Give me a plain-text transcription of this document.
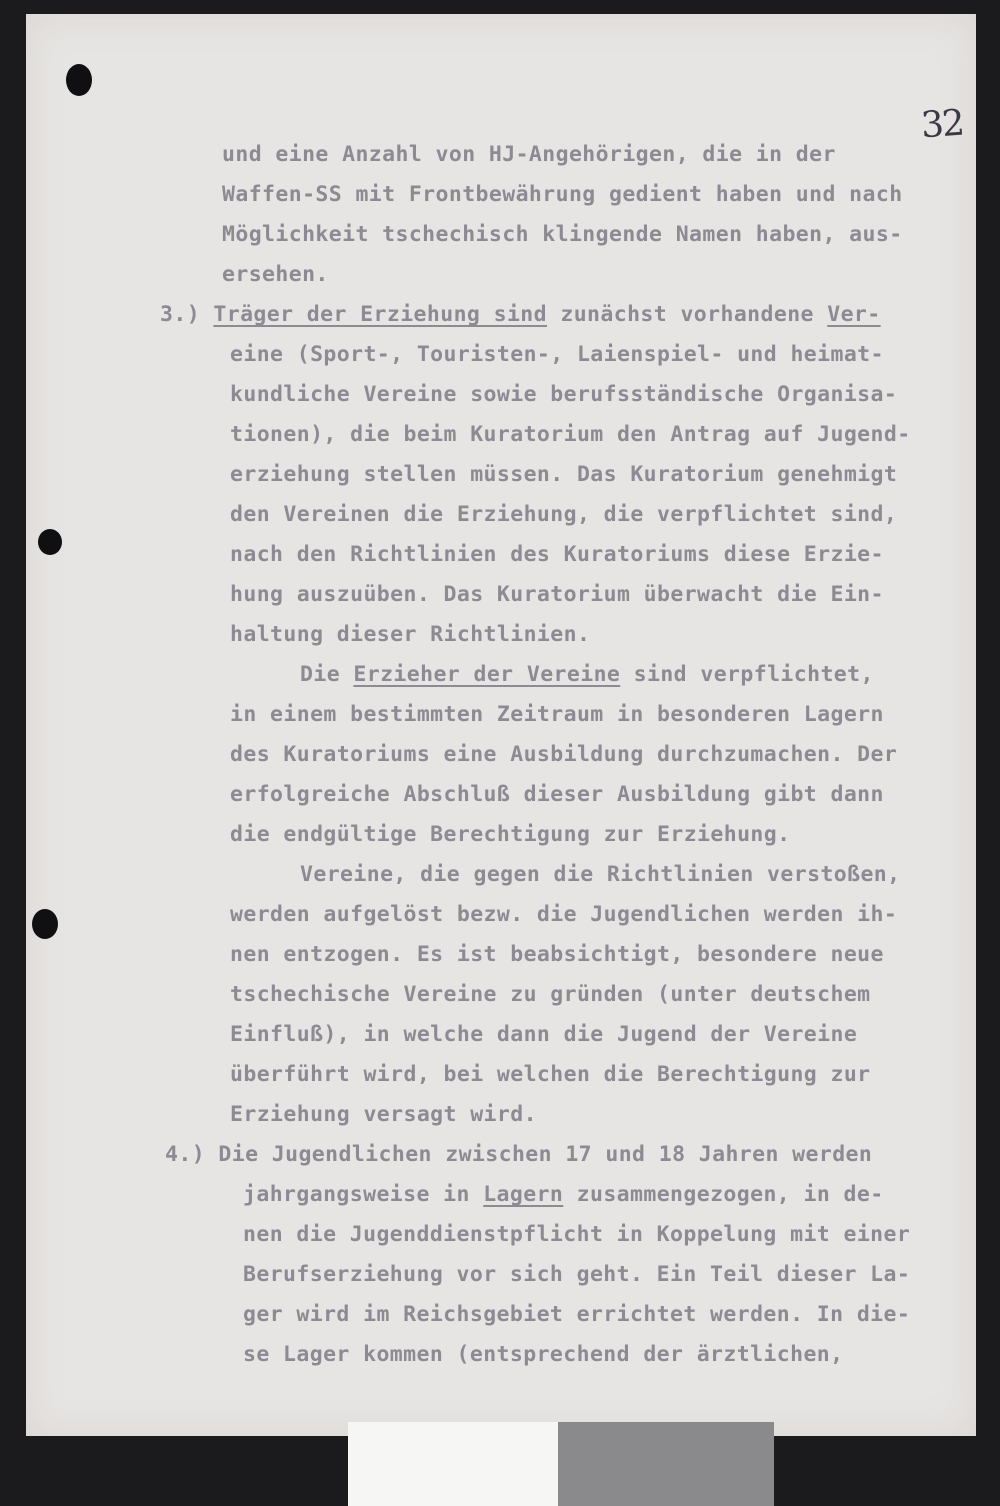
32
und eine Anzahl von HJ-Angehörigen, die in der
Waffen-SS mit Frontbewährung gedient haben und nach
Möglichkeit tschechisch klingende Namen haben, aus-
ersehen.
3.) Träger der Erziehung sind zunächst vorhandene Ver-
eine (Sport-, Touristen-, Laienspiel- und heimat-
kundliche Vereine sowie berufsständische Organisa-
tionen), die beim Kuratorium den Antrag auf Jugend-
erziehung stellen müssen. Das Kuratorium genehmigt
den Vereinen die Erziehung, die verpflichtet sind,
nach den Richtlinien des Kuratoriums diese Erzie-
hung auszuüben. Das Kuratorium überwacht die Ein-
haltung dieser Richtlinien.
Die Erzieher der Vereine sind verpflichtet,
in einem bestimmten Zeitraum in besonderen Lagern
des Kuratoriums eine Ausbildung durchzumachen. Der
erfolgreiche Abschluß dieser Ausbildung gibt dann
die endgültige Berechtigung zur Erziehung.
Vereine, die gegen die Richtlinien verstoßen,
werden aufgelöst bezw. die Jugendlichen werden ih-
nen entzogen. Es ist beabsichtigt, besondere neue
tschechische Vereine zu gründen (unter deutschem
Einfluß), in welche dann die Jugend der Vereine
überführt wird, bei welchen die Berechtigung zur
Erziehung versagt wird.
4.) Die Jugendlichen zwischen 17 und 18 Jahren werden
jahrgangsweise in Lagern zusammengezogen, in de-
nen die Jugenddienstpflicht in Koppelung mit einer
Berufserziehung vor sich geht. Ein Teil dieser La-
ger wird im Reichsgebiet errichtet werden. In die-
se Lager kommen (entsprechend der ärztlichen,
